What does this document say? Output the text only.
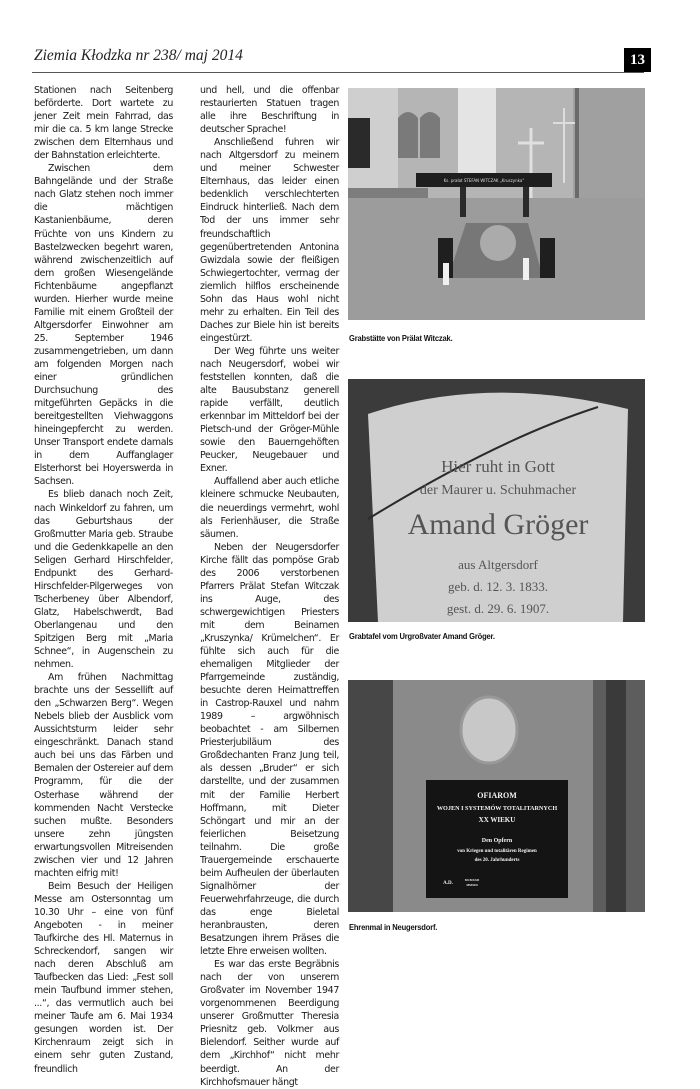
Ziemia Kłodzka nr 238/ maj 2014	13

Stationen nach Seitenberg beförderte. Dort wartete zu jener Zeit mein Fahrrad, das mir die ca. 5 km lange Strecke zwischen dem Elternhaus und der Bahnstation erleichterte.

Zwischen dem Bahngelände und der Straße nach Glatz stehen noch immer die mächtigen Kastanienbäume, deren Früchte von uns Kindern zu Bastelzwecken begehrt waren, während zwischenzeitlich auf dem großen Wiesengelände Fichtenbäume angepflanzt wurden. Hierher wurde meine Familie mit einem Großteil der Altgersdorfer Einwohner am 25. September 1946 zusammengetrieben, um dann am folgenden Morgen nach einer gründlichen Durchsuchung des mitgeführten Gepäcks in die bereitgestellten Viehwaggons hineingepfercht zu werden. Unser Transport endete damals in dem Auffanglager Elsterhorst bei Hoyerswerda in Sachsen.

Es blieb danach noch Zeit, nach Winkeldorf zu fahren, um das Geburtshaus der Großmutter Maria geb. Straube und die Gedenkkapelle an den Seligen Gerhard Hirschfelder, Endpunkt des Gerhard-Hirschfelder-Pilgerweges von Tscherbeney über Albendorf, Glatz, Habelschwerdt, Bad Oberlangenau und den Spitzigen Berg mit „Maria Schnee“, in Augenschein zu nehmen.

Am frühen Nachmittag brachte uns der Sessellift auf den „Schwarzen Berg“. Wegen Nebels blieb der Ausblick vom Aussichtsturm leider sehr eingeschränkt. Danach stand auch bei uns das Färben und Bemalen der Ostereier auf dem Programm, für die der Osterhase während der kommenden Nacht Verstecke suchen mußte. Besonders unsere zehn jüngsten erwartungsvollen Mitreisenden zwischen vier und 12 Jahren machten eifrig mit!

Beim Besuch der Heiligen Messe am Ostersonntag um 10.30 Uhr – eine von fünf Angeboten - in meiner Taufkirche des Hl. Maternus in Schreckendorf, sangen wir nach deren Abschluß am Taufbecken das Lied: „Fest soll mein Taufbund immer stehen, ...“, das vermutlich auch bei meiner Taufe am 6. Mai 1934 gesungen worden ist. Der Kirchenraum zeigt sich in einem sehr guten Zustand, freundlich

und hell, und die offenbar restaurierten Statuen tragen alle ihre Beschriftung in deutscher Sprache!

Anschließend fuhren wir nach Altgersdorf zu meinem und meiner Schwester Elternhaus, das leider einen bedenklich verschlechterten Eindruck hinterließ. Nach dem Tod der uns immer sehr freundschaftlich gegenübertretenden Antonina Gwizdala sowie der fleißigen Schwiegertochter, vermag der ziemlich hilflos erscheinende Sohn das Haus wohl nicht mehr zu erhalten. Ein Teil des Daches zur Biele hin ist bereits eingestürzt.

Der Weg führte uns weiter nach Neugersdorf, wobei wir feststellen konnten, daß die alte Bausubstanz generell rapide verfällt, deutlich erkennbar im Mitteldorf bei der Pietsch-und der Gröger-Mühle sowie den Bauerngehöften Peucker, Neugebauer und Exner.

Auffallend aber auch etliche kleinere schmucke Neubauten, die neuerdings vermehrt, wohl als Ferienhäuser, die Straße säumen.

Neben der Neugersdorfer Kirche fällt das pompöse Grab des 2006 verstorbenen Pfarrers Prälat Stefan Witczak ins Auge, des schwergewichtigen Priesters mit dem Beinamen „Kruszynka/ Krümelchen“. Er fühlte sich auch für die ehemaligen Mitglieder der Pfarrgemeinde zuständig, besuchte deren Heimattreffen in Castrop-Rauxel und nahm 1989 – argwöhnisch beobachtet - am Silbernen Priesterjubiläum des Großdechanten Franz Jung teil, als dessen „Bruder“ er sich darstellte, und der zusammen mit der Familie Herbert Hoffmann, mit Dieter Schöngart und mir an der feierlichen Beisetzung teilnahm. Die große Trauergemeinde erschauerte beim Aufheulen der überlauten Signalhörner der Feuerwehrfahrzeuge, die durch das enge Bieletal heranbrausten, deren Besatzungen ihrem Präses die letzte Ehre erweisen wollten.

Es war das erste Begräbnis nach der von unserem Großvater im November 1947 vorgenommenen Beerdigung unserer Großmutter Theresia Priesnitz geb. Volkmer aus Bielendorf. Seither wurde auf dem „Kirchhof“ nicht mehr beerdigt. An der Kirchhofsmauer hängt

Ks. prałat STEFAN WITCZAK „Kruszynka“
Grabstätte von Prälat Witczak.
Hier ruht in Gott
der Maurer u. Schuhmacher
Amand Gröger
aus Altgersdorf
geb. d. 12. 3. 1833.
gest. d. 29. 6. 1907.
Grabtafel vom Urgroßvater Amand Gröger.
OFIAROM
WOJEN I SYSTEMÓW TOTALITARNYCH
XX WIEKU
Den Opfern
von Kriegen und totalitären Regimen
des 20. Jahrhunderts
A.D.
MCMXXII
MMXIII
Ehrenmal in Neugersdorf.
